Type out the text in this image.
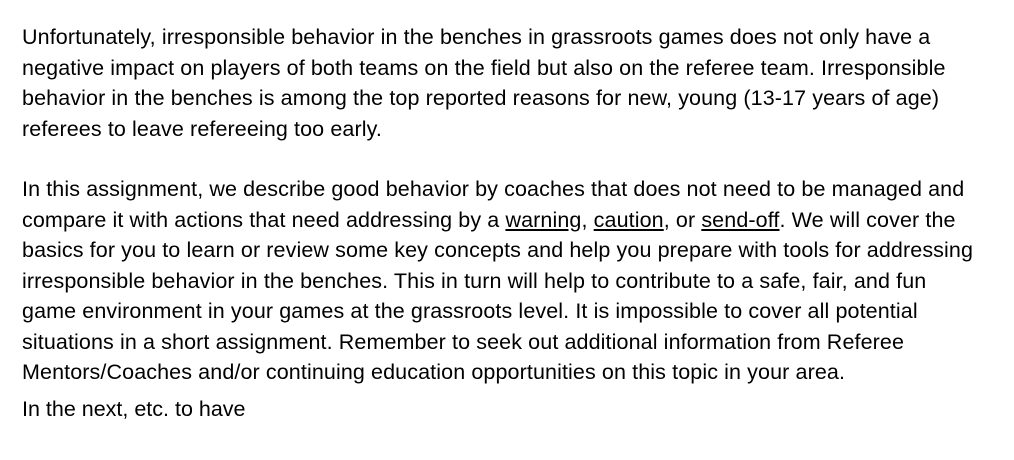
Unfortunately, irresponsible behavior in the benches in grassroots games does not only have a negative impact on players of both teams on the field but also on the referee team. Irresponsible behavior in the benches is among the top reported reasons for new, young (13-17 years of age) referees to leave refereeing too early.

In this assignment, we describe good behavior by coaches that does not need to be managed and compare it with actions that need addressing by a warning, caution, or send-off. We will cover the basics for you to learn or review some key concepts and help you prepare with tools for addressing irresponsible behavior in the benches. This in turn will help to contribute to a safe, fair, and fun game environment in your games at the grassroots level. It is impossible to cover all potential situations in a short assignment. Remember to seek out additional information from Referee Mentors/Coaches and/or continuing education opportunities on this topic in your area.

In the next, etc. to have
